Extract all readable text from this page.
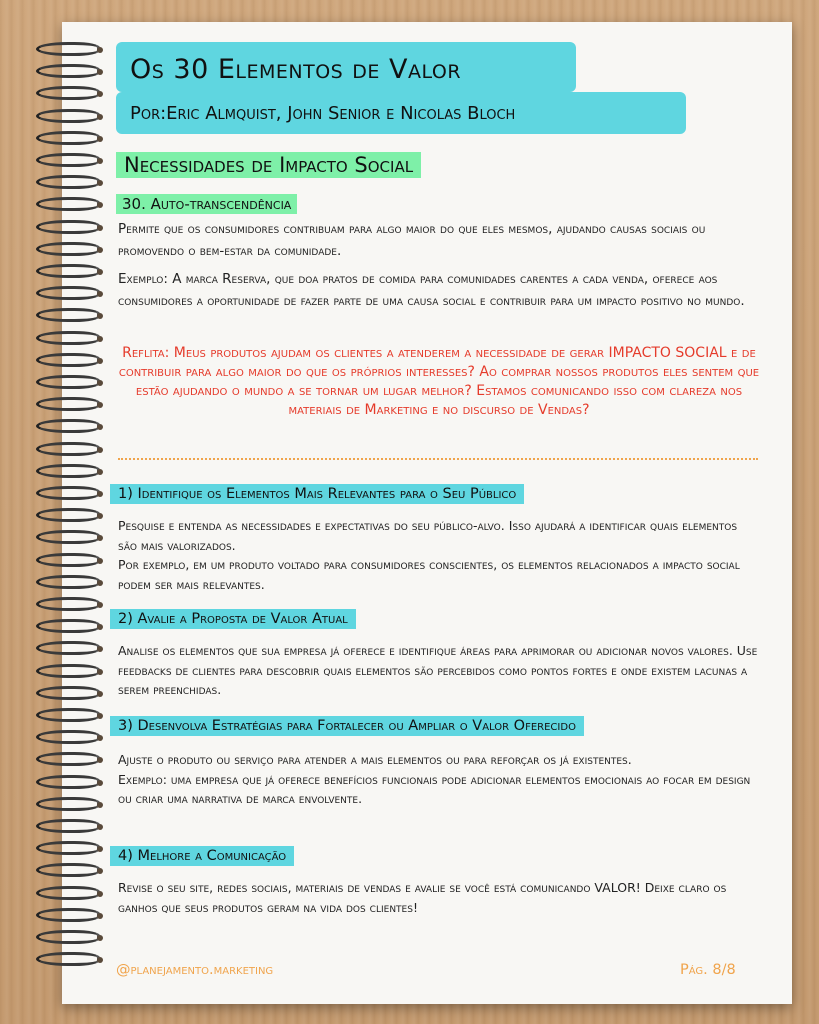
Os 30 Elementos de Valor
Por:Eric Almquist, John Senior e Nicolas Bloch
Necessidades de Impacto Social
30. Auto-transcendência
Permite que os consumidores contribuam para algo maior do que eles mesmos, ajudando causas sociais ou promovendo o bem-estar da comunidade.
Exemplo: A marca Reserva, que doa pratos de comida para comunidades carentes a cada venda, oferece aos consumidores a oportunidade de fazer parte de uma causa social e contribuir para um impacto positivo no mundo.
Reflita: Meus produtos ajudam os clientes a atenderem a necessidade de gerar IMPACTO SOCIAL e de contribuir para algo maior do que os próprios interesses? Ao comprar nossos produtos eles sentem que estão ajudando o mundo a se tornar um lugar melhor? Estamos comunicando isso com clareza nos materiais de Marketing e no discurso de Vendas?
1) Identifique os Elementos Mais Relevantes para o Seu Público
Pesquise e entenda as necessidades e expectativas do seu público-alvo. Isso ajudará a identificar quais elementos são mais valorizados.
Por exemplo, em um produto voltado para consumidores conscientes, os elementos relacionados a impacto social podem ser mais relevantes.
2) Avalie a Proposta de Valor Atual
Analise os elementos que sua empresa já oferece e identifique áreas para aprimorar ou adicionar novos valores. Use feedbacks de clientes para descobrir quais elementos são percebidos como pontos fortes e onde existem lacunas a serem preenchidas.
3) Desenvolva Estratégias para Fortalecer ou Ampliar o Valor Oferecido
Ajuste o produto ou serviço para atender a mais elementos ou para reforçar os já existentes.
Exemplo: uma empresa que já oferece benefícios funcionais pode adicionar elementos emocionais ao focar em design ou criar uma narrativa de marca envolvente.
4) Melhore a Comunicação
Revise o seu site, redes sociais, materiais de vendas e avalie se você está comunicando VALOR! Deixe claro os ganhos que seus produtos geram na vida dos clientes!
@planejamento.marketing	Pág. 8/8
